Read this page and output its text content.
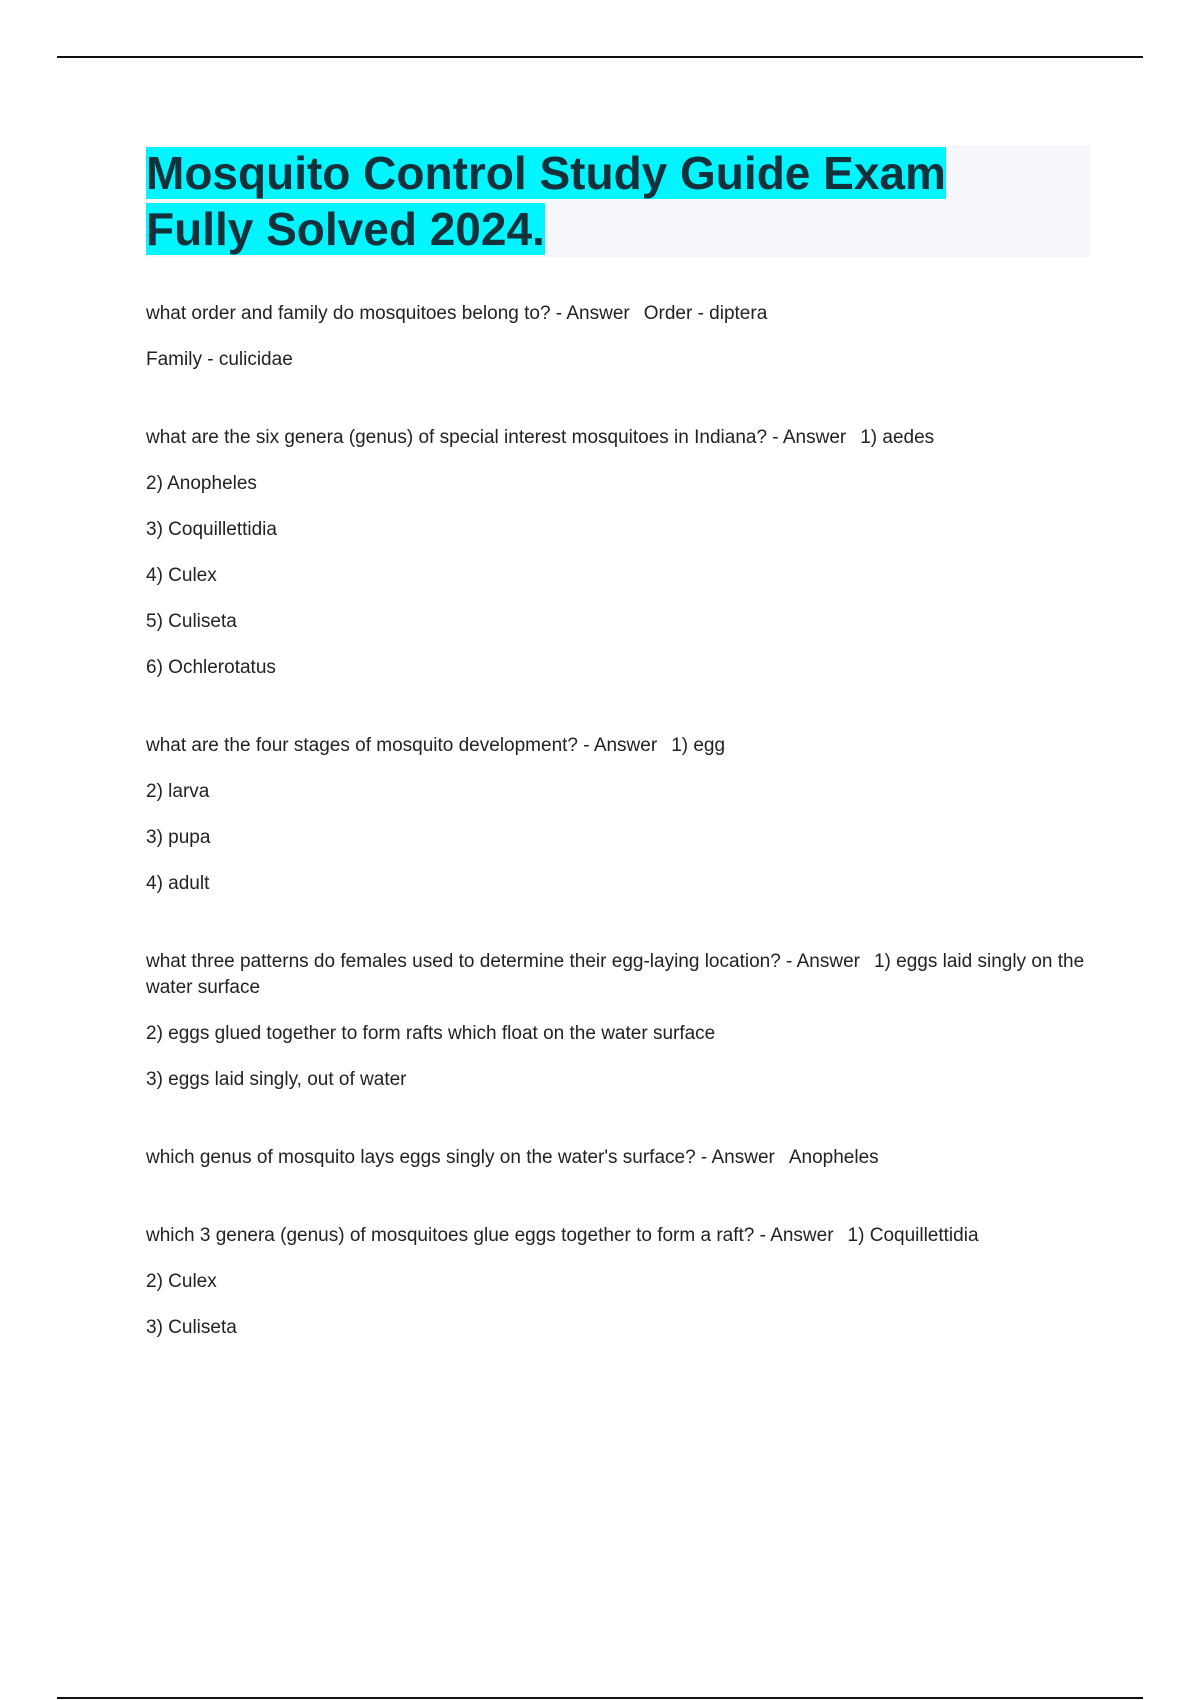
Mosquito Control Study Guide Exam
Fully Solved 2024.

what order and family do mosquitoes belong to? - Answer Order - diptera

Family - culicidae

what are the six genera (genus) of special interest mosquitoes in Indiana? - Answer 1) aedes

2) Anopheles

3) Coquillettidia

4) Culex

5) Culiseta

6) Ochlerotatus

what are the four stages of mosquito development? - Answer 1) egg

2) larva

3) pupa

4) adult

what three patterns do females used to determine their egg-laying location? - Answer 1) eggs laid singly on the water surface

2) eggs glued together to form rafts which float on the water surface

3) eggs laid singly, out of water

which genus of mosquito lays eggs singly on the water's surface? - Answer Anopheles

which 3 genera (genus) of mosquitoes glue eggs together to form a raft? - Answer 1) Coquillettidia

2) Culex

3) Culiseta
